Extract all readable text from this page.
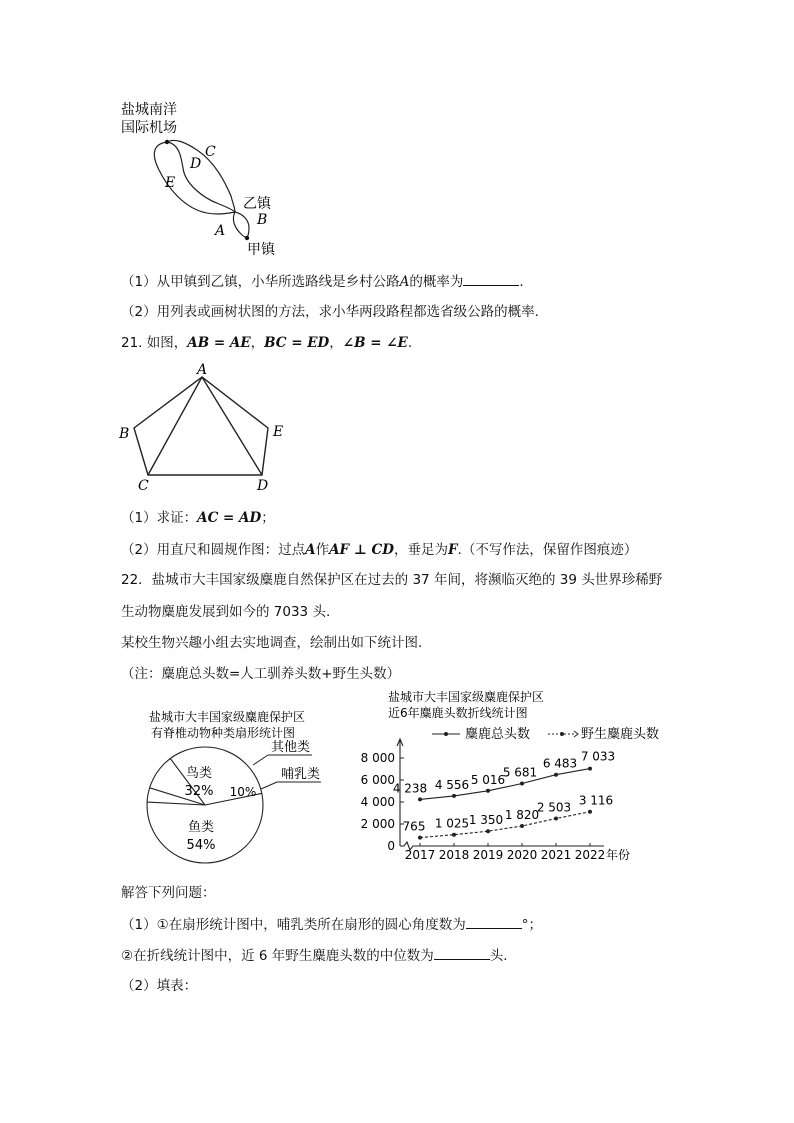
盐城南洋
国际机场
C
D
E
乙镇
B
A
甲镇
（1）从甲镇到乙镇，小华所选路线是乡村公路A的概率为	.
（2）用列表或画树状图的方法，求小华两段路程都选省级公路的概率.
21. 如图，AB = AE，BC = ED，∠B = ∠E.
A
B
C	D
E
（1）求证：AC = AD；
（2）用直尺和圆规作图：过点A作AF ⊥ CD，垂足为F.（不写作法，保留作图痕迹）
22．盐城市大丰国家级麋鹿自然保护区在过去的 37 年间，将濒临灭绝的 39 头世界珍稀野
生动物麋鹿发展到如今的 7033 头.
某校生物兴趣小组去实地调查，绘制出如下统计图.
（注：麋鹿总头数=人工驯养头数+野生头数）
盐城市大丰国家级麋鹿保护区
有脊椎动物种类扇形统计图
鸟类
32% 10%
其他类
哺乳类
鱼类
54%
盐城市大丰国家级麋鹿保护区
近6年麋鹿头数折线统计图
麋鹿总头数	野生麋鹿头数
0
2 000
4 000
6 000
8 000
2017 2018 2019 2020 2021 2022 年份
4 238 4 556 5 016
5 681
6 483
7 033
765 1 025 1 350 1 820
2 503 3 116
解答下列问题：
（1）①在扇形统计图中，哺乳类所在扇形的圆心角度数为	°；
②在折线统计图中，近 6 年野生麋鹿头数的中位数为	头.
（2）填表：
